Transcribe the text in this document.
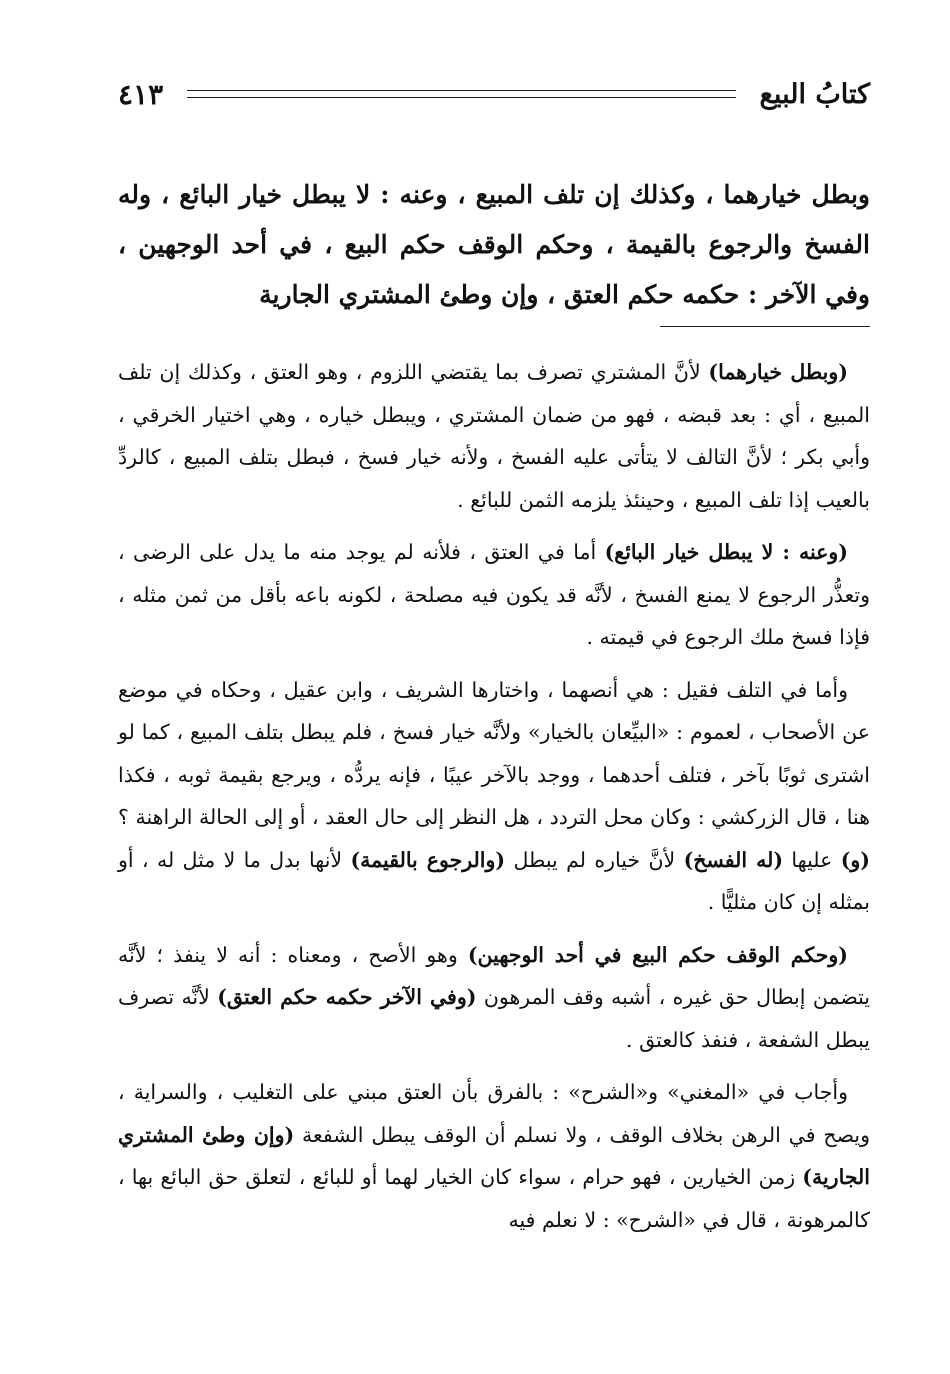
كتابُ البيع
٤١٣

وبطل خيارهما ، وكذلك إن تلف المبيع ، وعنه : لا يبطل خيار البائع ، وله الفسخ والرجوع بالقيمة ، وحكم الوقف حكم البيع ، في أحد الوجهين ، وفي الآخر : حكمه حكم العتق ، وإن وطئ المشتري الجارية

(وبطل خيارهما) لأنَّ المشتري تصرف بما يقتضي اللزوم ، وهو العتق ، وكذلك إن تلف المبيع ، أي : بعد قبضه ، فهو من ضمان المشتري ، ويبطل خياره ، وهي اختيار الخرقي ، وأبي بكر ؛ لأنَّ التالف لا يتأتى عليه الفسخ ، ولأنه خيار فسخ ، فبطل بتلف المبيع ، كالردِّ بالعيب إذا تلف المبيع ، وحينئذ يلزمه الثمن للبائع .

(وعنه : لا يبطل خيار البائع) أما في العتق ، فلأنه لم يوجد منه ما يدل على الرضى ، وتعذُّر الرجوع لا يمنع الفسخ ، لأنَّه قد يكون فيه مصلحة ، لكونه باعه بأقل من ثمن مثله ، فإذا فسخ ملك الرجوع في قيمته .

وأما في التلف فقيل : هي أنصهما ، واختارها الشريف ، وابن عقيل ، وحكاه في موضع عن الأصحاب ، لعموم : «البيِّعان بالخيار» ولأنَّه خيار فسخ ، فلم يبطل بتلف المبيع ، كما لو اشترى ثوبًا بآخر ، فتلف أحدهما ، ووجد بالآخر عيبًا ، فإنه يردُّه ، ويرجع بقيمة ثوبه ، فكذا هنا ، قال الزركشي : وكان محل التردد ، هل النظر إلى حال العقد ، أو إلى الحالة الراهنة ؟ (و) عليها (له الفسخ) لأنَّ خياره لم يبطل (والرجوع بالقيمة) لأنها بدل ما لا مثل له ، أو بمثله إن كان مثليًّا .

(وحكم الوقف حكم البيع في أحد الوجهين) وهو الأصح ، ومعناه : أنه لا ينفذ ؛ لأنَّه يتضمن إبطال حق غيره ، أشبه وقف المرهون (وفي الآخر حكمه حكم العتق) لأنَّه تصرف يبطل الشفعة ، فنفذ كالعتق .

وأجاب في «المغني» و«الشرح» : بالفرق بأن العتق مبني على التغليب ، والسراية ، ويصح في الرهن بخلاف الوقف ، ولا نسلم أن الوقف يبطل الشفعة (وإن وطئ المشتري الجارية) زمن الخيارين ، فهو حرام ، سواء كان الخيار لهما أو للبائع ، لتعلق حق البائع بها ، كالمرهونة ، قال في «الشرح» : لا نعلم فيه
